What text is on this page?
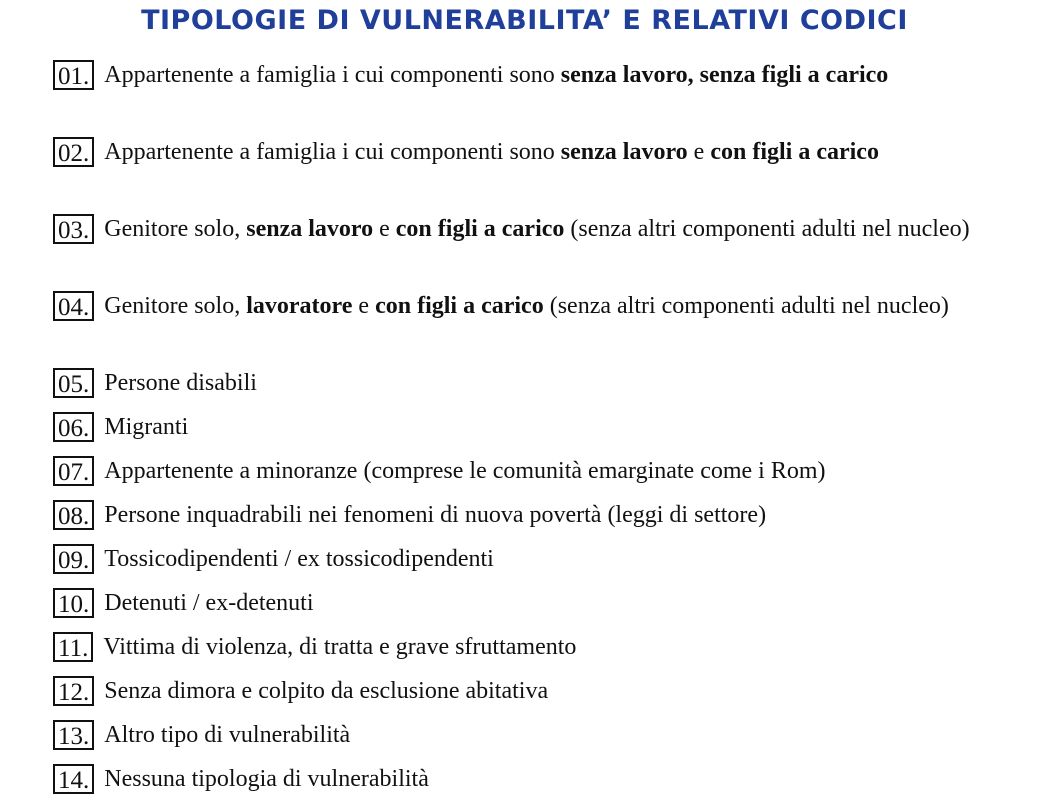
TIPOLOGIE DI VULNERABILITA’ E RELATIVI CODICI
01. Appartenente a famiglia i cui componenti sono senza lavoro, senza figli a carico
02. Appartenente a famiglia i cui componenti sono senza lavoro e con figli a carico
03. Genitore solo, senza lavoro e con figli a carico (senza altri componenti adulti nel nucleo)
04. Genitore solo, lavoratore e con figli a carico (senza altri componenti adulti nel nucleo)
05. Persone disabili
06. Migranti
07. Appartenente a minoranze (comprese le comunità emarginate come i Rom)
08. Persone inquadrabili nei fenomeni di nuova povertà (leggi di settore)
09. Tossicodipendenti / ex tossicodipendenti
10. Detenuti / ex-detenuti
11. Vittima di violenza, di tratta e grave sfruttamento
12. Senza dimora e colpito da esclusione abitativa
13. Altro tipo di vulnerabilità
14. Nessuna tipologia di vulnerabilità
